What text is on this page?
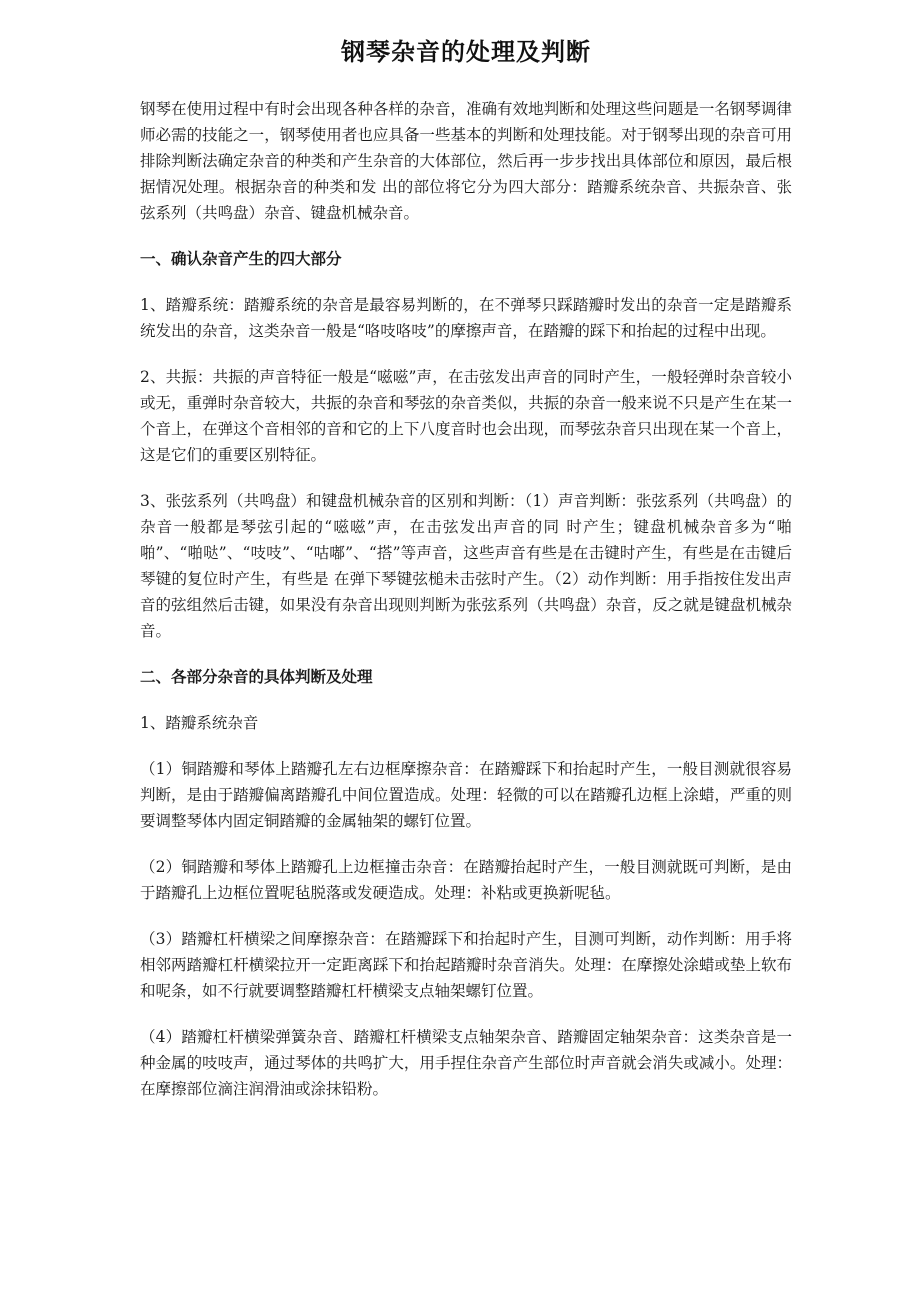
钢琴杂音的处理及判断

钢琴在使用过程中有时会出现各种各样的杂音，准确有效地判断和处理这些问题是一名钢琴调律师必需的技能之一，钢琴使用者也应具备一些基本的判断和处理技能。对于钢琴出现的杂音可用排除判断法确定杂音的种类和产生杂音的大体部位，然后再一步步找出具体部位和原因，最后根据情况处理。根据杂音的种类和发 出的部位将它分为四大部分：踏瓣系统杂音、共振杂音、张弦系列（共鸣盘）杂音、键盘机械杂音。

一、确认杂音产生的四大部分

1、踏瓣系统：踏瓣系统的杂音是最容易判断的，在不弹琴只踩踏瓣时发出的杂音一定是踏瓣系统发出的杂音，这类杂音一般是“咯吱咯吱”的摩擦声音，在踏瓣的踩下和抬起的过程中出现。

2、共振：共振的声音特征一般是“嗞嗞”声，在击弦发出声音的同时产生，一般轻弹时杂音较小或无，重弹时杂音较大，共振的杂音和琴弦的杂音类似，共振的杂音一般来说不只是产生在某一个音上，在弹这个音相邻的音和它的上下八度音时也会出现，而琴弦杂音只出现在某一个音上，这是它们的重要区别特征。

3、张弦系列（共鸣盘）和键盘机械杂音的区别和判断：（1）声音判断：张弦系列（共鸣盘）的杂音一般都是琴弦引起的“嗞嗞”声，在击弦发出声音的同 时产生；键盘机械杂音多为“啪啪”、“啪哒”、“吱吱”、“咕嘟”、“搭”等声音，这些声音有些是在击键时产生，有些是在击键后琴键的复位时产生，有些是 在弹下琴键弦槌未击弦时产生。（2）动作判断：用手指按住发出声音的弦组然后击键，如果没有杂音出现则判断为张弦系列（共鸣盘）杂音，反之就是键盘机械杂 音。

二、各部分杂音的具体判断及处理

1、踏瓣系统杂音

（1）铜踏瓣和琴体上踏瓣孔左右边框摩擦杂音：在踏瓣踩下和抬起时产生，一般目测就很容易判断，是由于踏瓣偏离踏瓣孔中间位置造成。处理：轻微的可以在踏瓣孔边框上涂蜡，严重的则要调整琴体内固定铜踏瓣的金属轴架的螺钉位置。

（2）铜踏瓣和琴体上踏瓣孔上边框撞击杂音：在踏瓣抬起时产生，一般目测就既可判断，是由于踏瓣孔上边框位置呢毡脱落或发硬造成。处理：补粘或更换新呢毡。

（3）踏瓣杠杆横梁之间摩擦杂音：在踏瓣踩下和抬起时产生，目测可判断，动作判断：用手将相邻两踏瓣杠杆横梁拉开一定距离踩下和抬起踏瓣时杂音消失。处理：在摩擦处涂蜡或垫上软布和呢条，如不行就要调整踏瓣杠杆横梁支点轴架螺钉位置。

（4）踏瓣杠杆横梁弹簧杂音、踏瓣杠杆横梁支点轴架杂音、踏瓣固定轴架杂音：这类杂音是一种金属的吱吱声，通过琴体的共鸣扩大，用手捏住杂音产生部位时声音就会消失或减小。处理：在摩擦部位滴注润滑油或涂抹铅粉。
